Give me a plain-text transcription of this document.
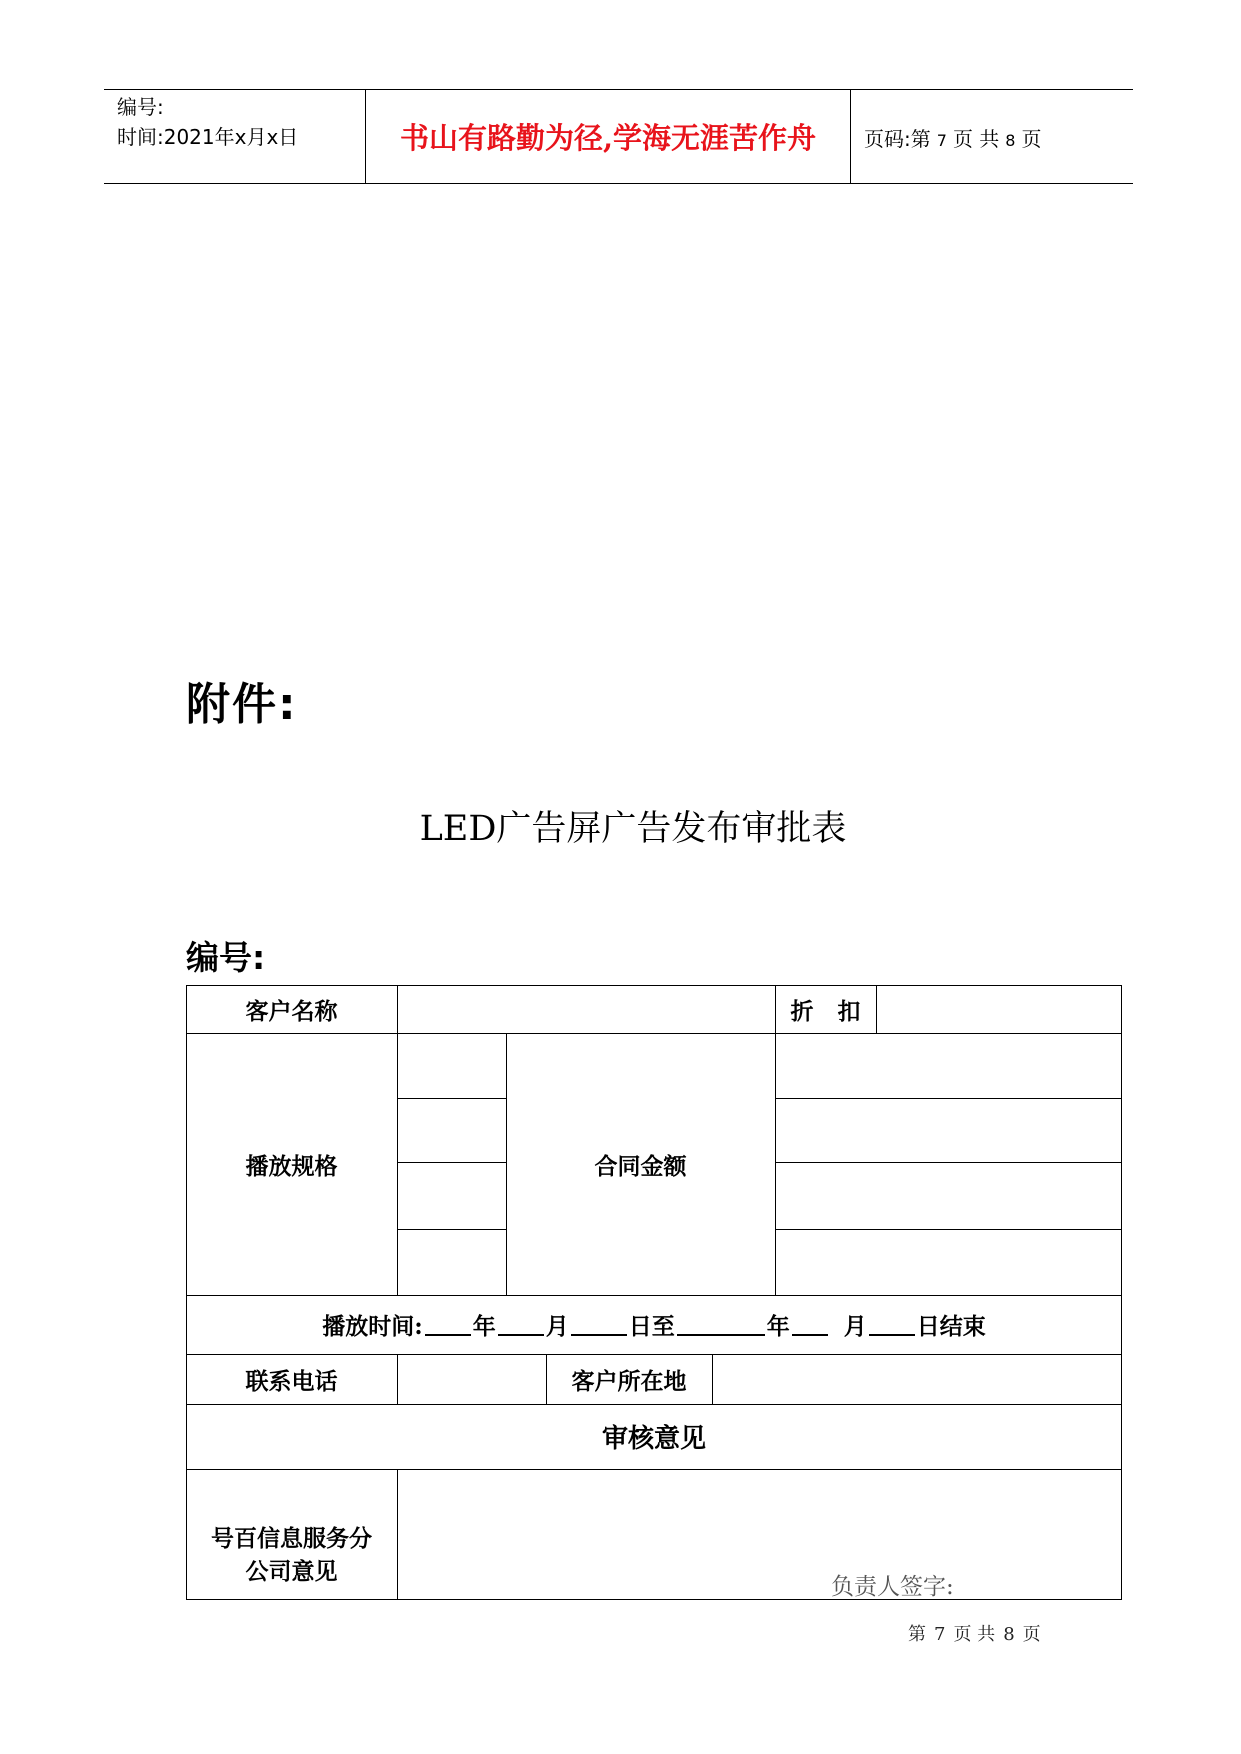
编号:
时间:2021年x月x日	书山有路勤为径,学海无涯苦作舟	页码:第 7 页 共 8 页
附件:
LED广告屏广告发布审批表
编号:
客户名称	折 扣
播放规格	合同金额
播放时间: 年 月	日至	年 月 日结束
联系电话	客户所在地
审核意见
号百信息服务分
公司意见
负责人签字:
第 7 页 共 8 页
